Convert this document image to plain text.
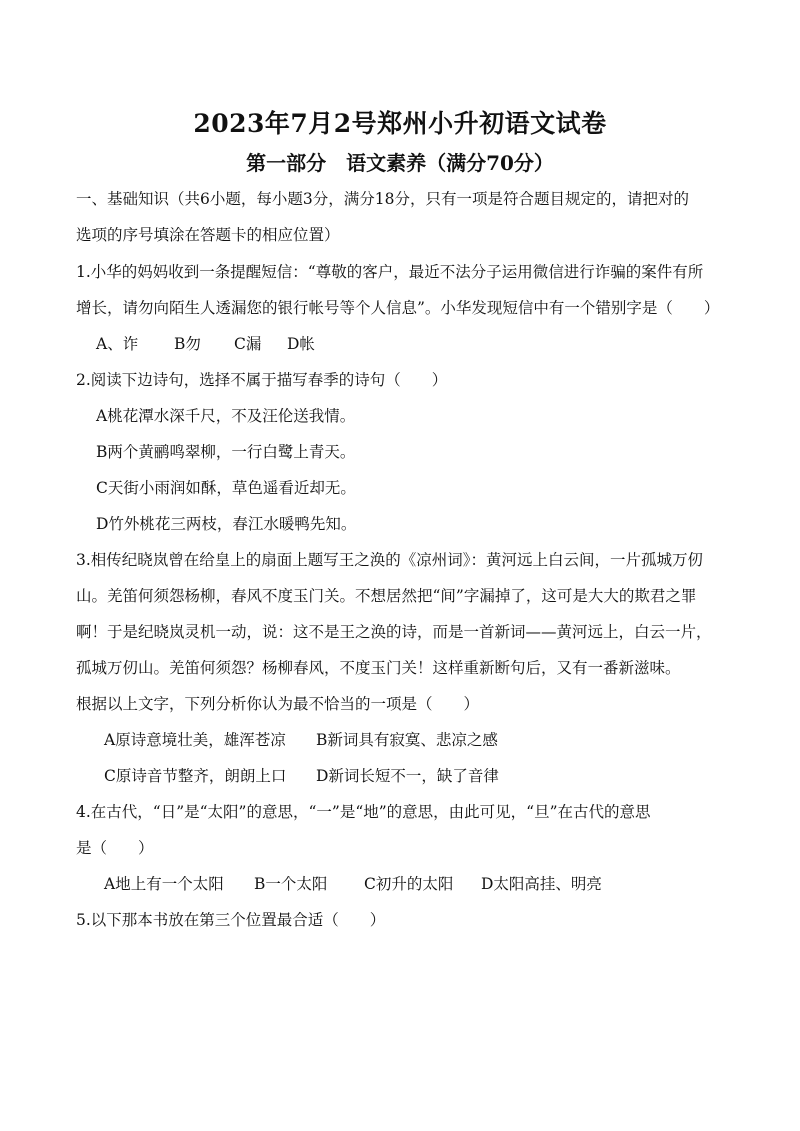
2023年7月2号郑州小升初语文试卷
第一部分　语文素养（满分70分）
一、基础知识（共6小题，每小题3分，满分18分，只有一项是符合题目规定的，请把对的
选项的序号填涂在答题卡的相应位置）
1.小华的妈妈收到一条提醒短信：“尊敬的客户，最近不法分子运用微信进行诈骗的案件有所
增长，请勿向陌生人透漏您的银行帐号等个人信息”。小华发现短信中有一个错别字是（　　）
A、诈 B勿 C漏 D帐
2.阅读下边诗句，选择不属于描写春季的诗句（　　）
A桃花潭水深千尺，不及汪伦送我情。
B两个黄鹂鸣翠柳，一行白鹭上青天。
C天街小雨润如酥，草色遥看近却无。
D竹外桃花三两枝，春江水暖鸭先知。
3.相传纪晓岚曾在给皇上的扇面上题写王之涣的《凉州词》：黄河远上白云间，一片孤城万仞
山。羌笛何须怨杨柳，春风不度玉门关。不想居然把“间”字漏掉了，这可是大大的欺君之罪
啊！于是纪晓岚灵机一动，说：这不是王之涣的诗，而是一首新词——黄河远上，白云一片，
孤城万仞山。羌笛何须怨？杨柳春风，不度玉门关！这样重新断句后，又有一番新滋味。
根据以上文字，下列分析你认为最不恰当的一项是（　　）
A原诗意境壮美，雄浑苍凉 B新词具有寂寞、悲凉之感
C原诗音节整齐，朗朗上口 D新词长短不一，缺了音律
4.在古代，“日”是“太阳”的意思，“一”是“地”的意思，由此可见，“旦”在古代的意思
是（　　）
A地上有一个太阳 B一个太阳 C初升的太阳 D太阳高挂、明亮
5.以下那本书放在第三个位置最合适（　　）
